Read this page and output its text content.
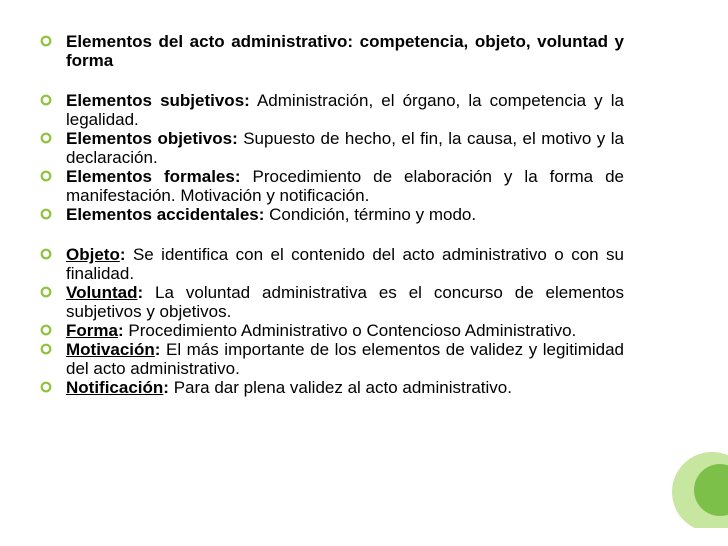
Elementos del acto administrativo: competencia, objeto, voluntad y forma
Elementos subjetivos: Administración, el órgano, la competencia y la legalidad.
Elementos objetivos: Supuesto de hecho, el fin, la causa, el motivo y la declaración.
Elementos formales: Procedimiento de elaboración y la forma de manifestación. Motivación y notificación.
Elementos accidentales: Condición, término y modo.
Objeto: Se identifica con el contenido del acto administrativo o con su finalidad.
Voluntad: La voluntad administrativa es el concurso de elementos subjetivos y objetivos.
Forma: Procedimiento Administrativo o Contencioso Administrativo.
Motivación: El más importante de los elementos de validez y legitimidad del acto administrativo.
Notificación: Para dar plena validez al acto administrativo.
